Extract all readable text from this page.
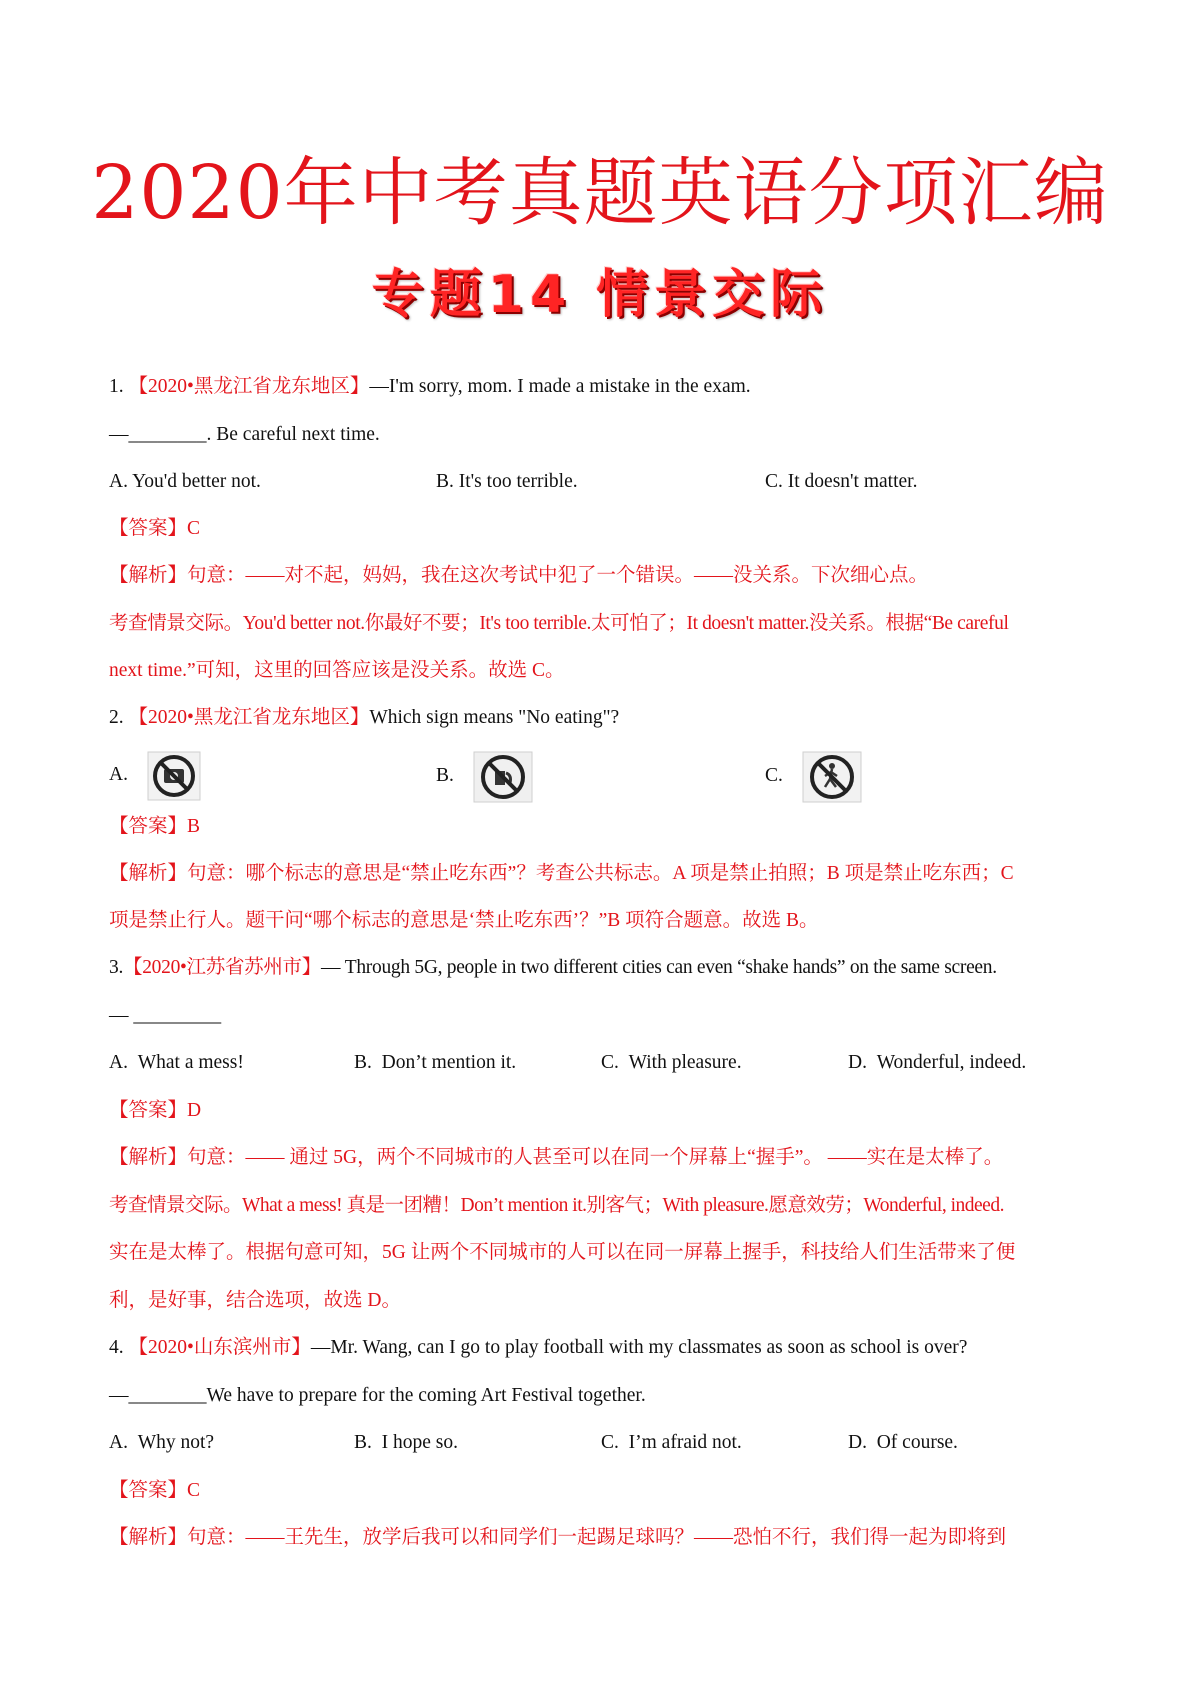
2020年中考真题英语分项汇编
专题14 情景交际
1. 【2020•黑龙江省龙东地区】—I'm sorry, mom. I made a mistake in the exam.
—________. Be careful next time.
A. You'd better not.	B. It's too terrible.	C. It doesn't matter.
【答案】C
【解析】句意：——对不起，妈妈，我在这次考试中犯了一个错误。——没关系。下次细心点。
考查情景交际。You'd better not.你最好不要；It's too terrible.太可怕了；It doesn't matter.没关系。根据“Be careful
next time.”可知，这里的回答应该是没关系。故选 C。
2. 【2020•黑龙江省龙东地区】Which sign means "No eating"?
A.	B.	C.
【答案】B
【解析】句意：哪个标志的意思是“禁止吃东西”？考查公共标志。A 项是禁止拍照；B 项是禁止吃东西；C
项是禁止行人。题干问“哪个标志的意思是‘禁止吃东西’？”B 项符合题意。故选 B。
3.【2020•江苏省苏州市】— Through 5G, people in two different cities can even “shake hands” on the same screen.
— _________
A. What a mess!	B. Don’t mention it.	C. With pleasure.	D. Wonderful, indeed.
【答案】D
【解析】句意：—— 通过 5G，两个不同城市的人甚至可以在同一个屏幕上“握手”。 ——实在是太棒了。
考查情景交际。What a mess! 真是一团糟！Don’t mention it.别客气；With pleasure.愿意效劳；Wonderful, indeed.
实在是太棒了。根据句意可知，5G 让两个不同城市的人可以在同一屏幕上握手，科技给人们生活带来了便
利，是好事，结合选项，故选 D。
4. 【2020•山东滨州市】—Mr. Wang, can I go to play football with my classmates as soon as school is over?
—________We have to prepare for the coming Art Festival together.
A. Why not?	B. I hope so.	C. I’m afraid not.	D. Of course.
【答案】C
【解析】句意：——王先生，放学后我可以和同学们一起踢足球吗？——恐怕不行，我们得一起为即将到
